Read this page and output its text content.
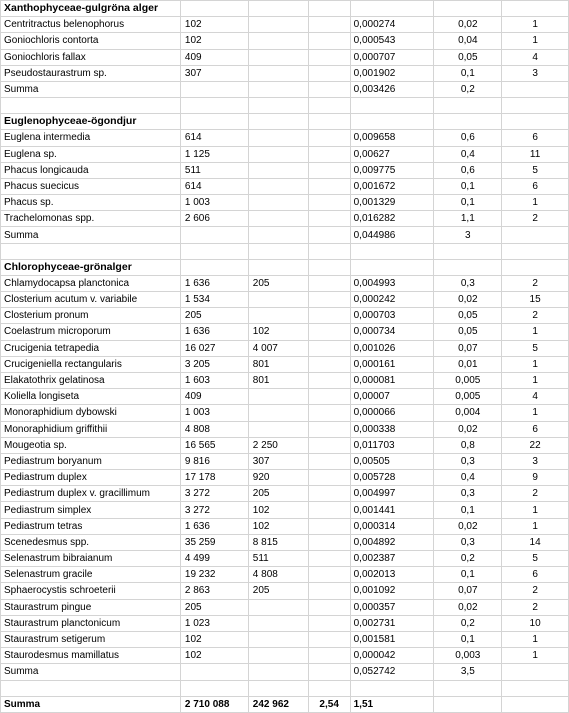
Xanthophyceae-gulgröna alger						
Centritractus belenophorus	102			0,000274	0,02	1
Goniochloris contorta	102			0,000543	0,04	1
Goniochloris fallax	409			0,000707	0,05	4
Pseudostaurastrum sp.	307			0,001902	0,1	3
Summa				0,003426	0,2	

Euglenophyceae-ögondjur						
Euglena intermedia	614			0,009658	0,6	6
Euglena sp.	1 125			0,00627	0,4	11
Phacus longicauda	511			0,009775	0,6	5
Phacus suecicus	614			0,001672	0,1	6
Phacus sp.	1 003			0,001329	0,1	1
Trachelomonas spp.	2 606			0,016282	1,1	2
Summa				0,044986	3	

Chlorophyceae-grönalger						
Chlamydocapsa planctonica	1 636	205		0,004993	0,3	2
Closterium acutum v. variabile	1 534			0,000242	0,02	15
Closterium pronum	205			0,000703	0,05	2
Coelastrum microporum	1 636	102		0,000734	0,05	1
Crucigenia tetrapedia	16 027	4 007		0,001026	0,07	5
Crucigeniella rectangularis	3 205	801		0,000161	0,01	1
Elakatothrix gelatinosa	1 603	801		0,000081	0,005	1
Koliella longiseta	409			0,00007	0,005	4
Monoraphidium dybowski	1 003			0,000066	0,004	1
Monoraphidium griffithii	4 808			0,000338	0,02	6
Mougeotia sp.	16 565	2 250		0,011703	0,8	22
Pediastrum boryanum	9 816	307		0,00505	0,3	3
Pediastrum duplex	17 178	920		0,005728	0,4	9
Pediastrum duplex v. gracillimum	3 272	205		0,004997	0,3	2
Pediastrum simplex	3 272	102		0,001441	0,1	1
Pediastrum tetras	1 636	102		0,000314	0,02	1
Scenedesmus spp.	35 259	8 815		0,004892	0,3	14
Selenastrum bibraianum	4 499	511		0,002387	0,2	5
Selenastrum gracile	19 232	4 808		0,002013	0,1	6
Sphaerocystis schroeterii	2 863	205		0,001092	0,07	2
Staurastrum pingue	205			0,000357	0,02	2
Staurastrum planctonicum	1 023			0,002731	0,2	10
Staurastrum setigerum	102			0,001581	0,1	1
Staurodesmus mamillatus	102			0,000042	0,003	1
Summa				0,052742	3,5	

Summa	2 710 088	242 962	2,54	1,51		
